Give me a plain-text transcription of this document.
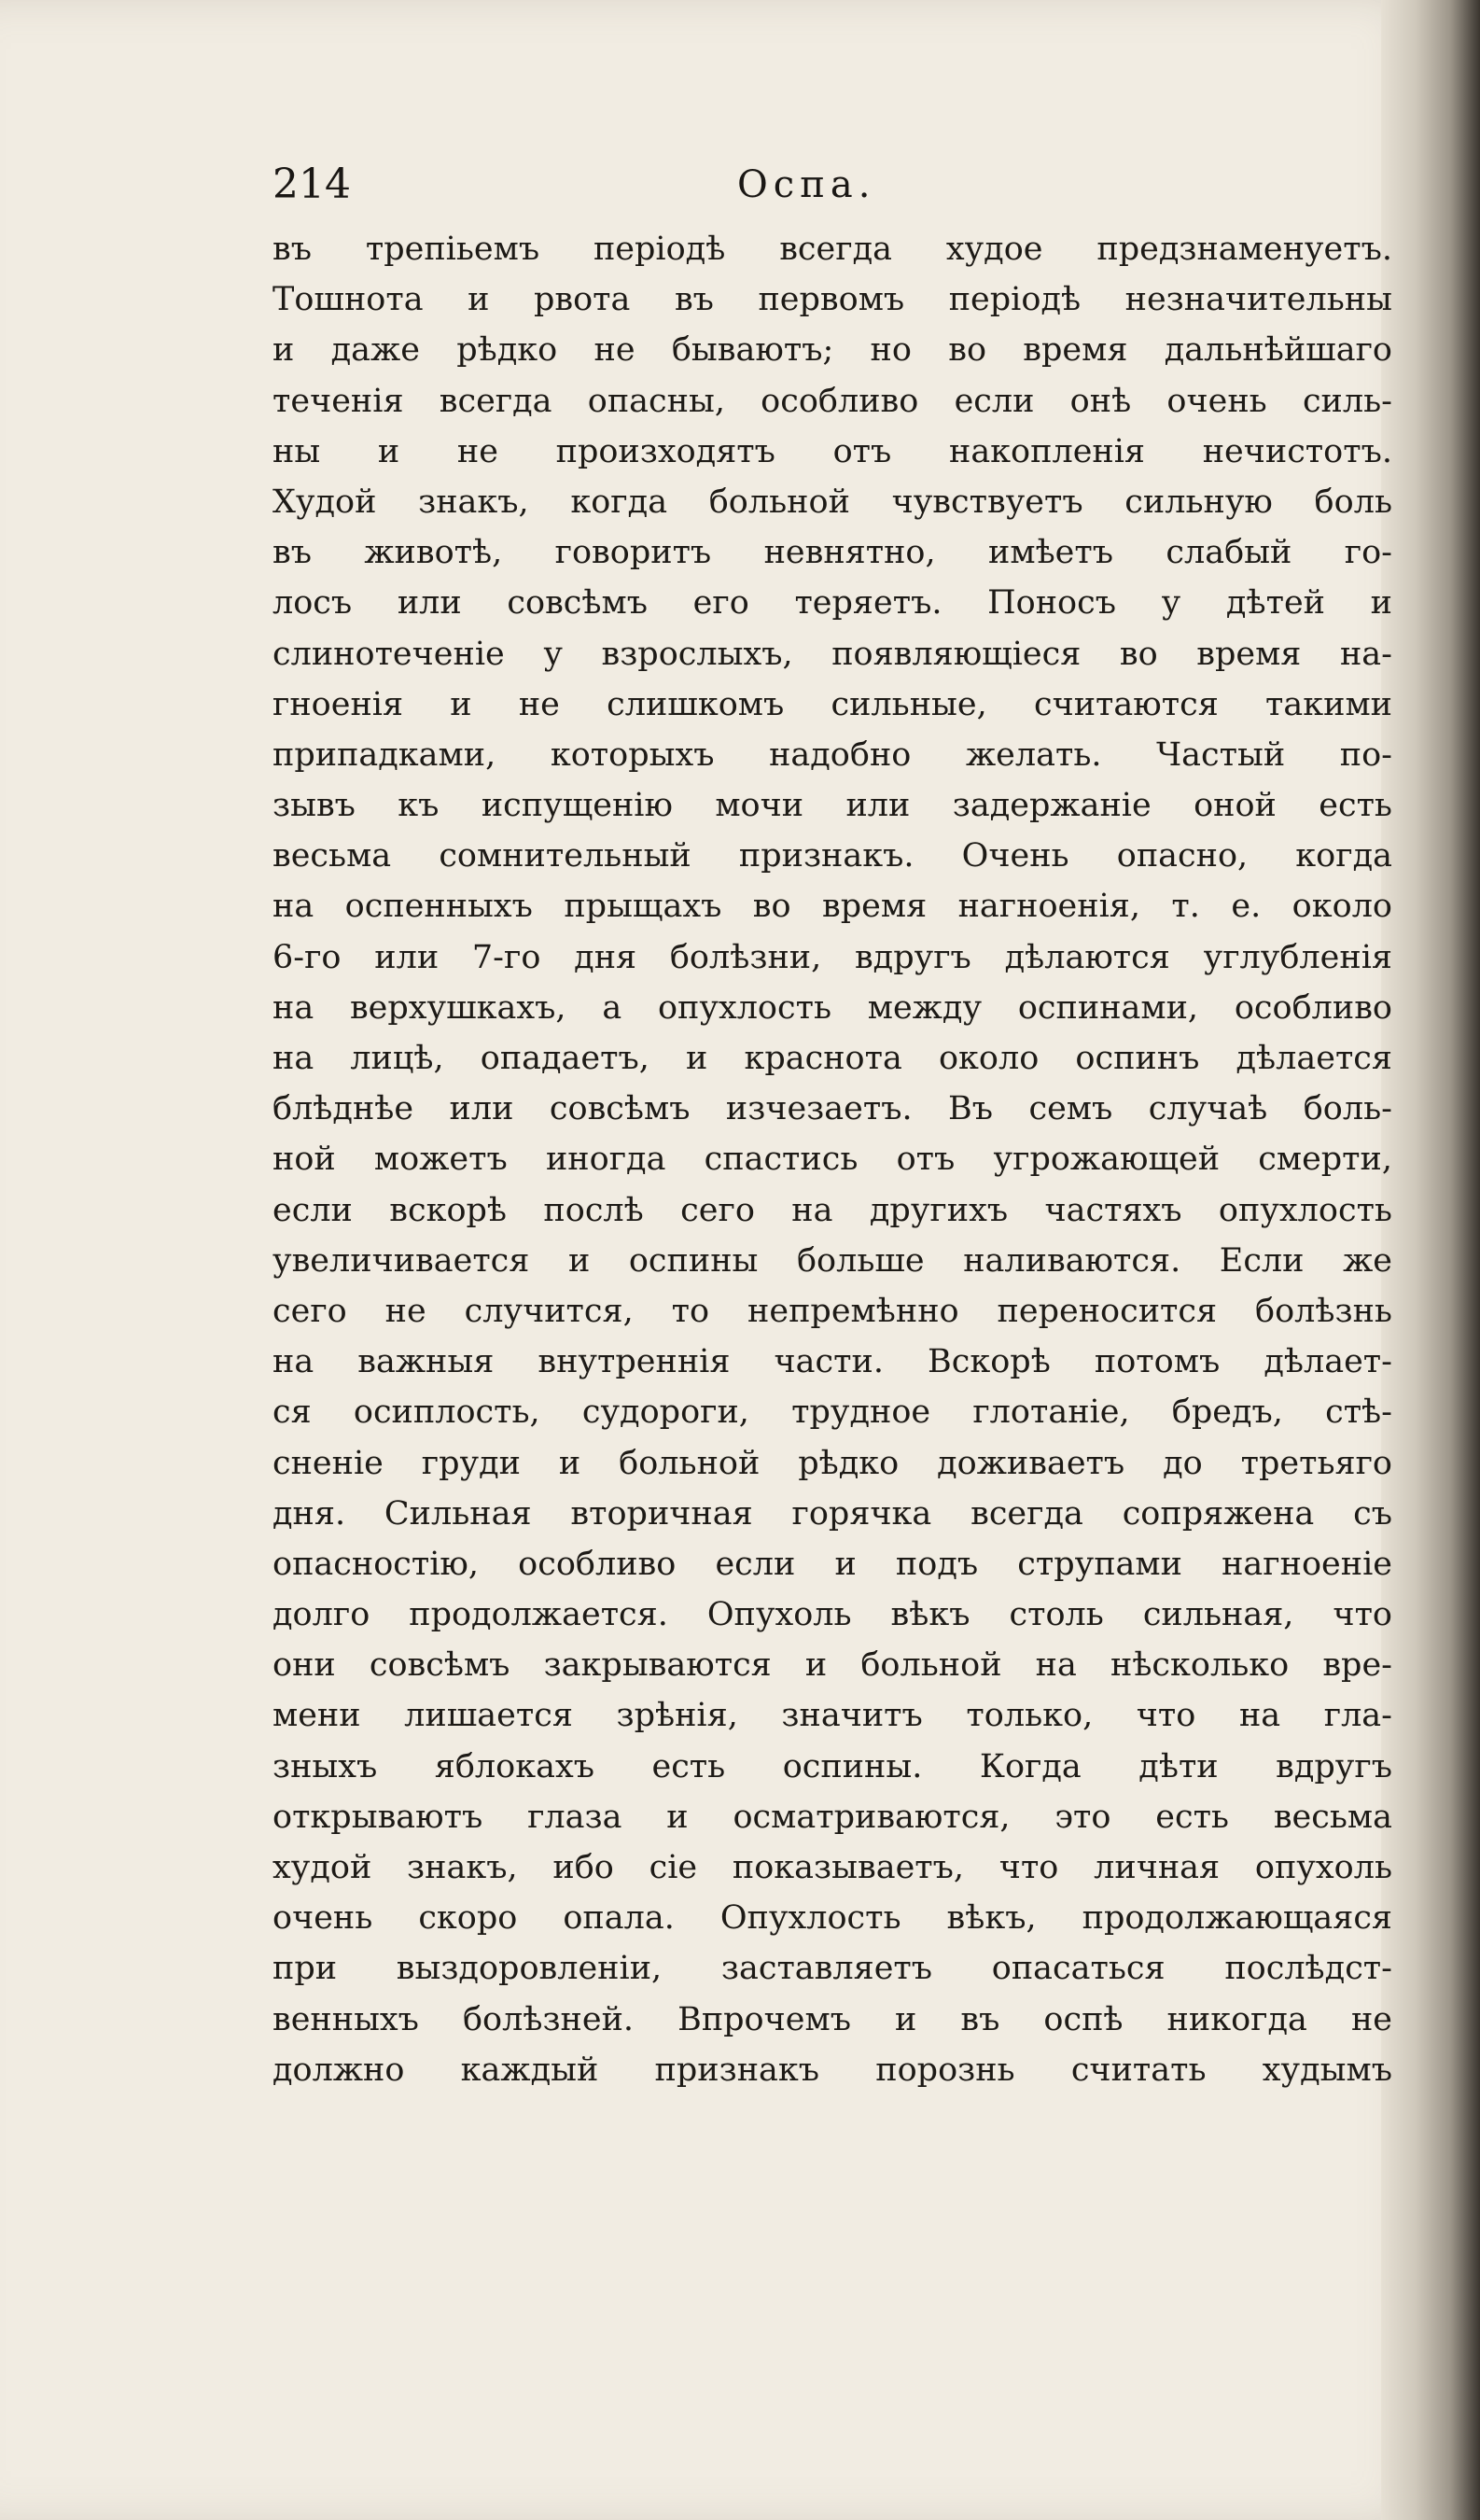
214	Оспа.
въ трепіьемъ періодѣ всегда худое предзнаменуетъ.
Тошнота и рвота въ первомъ періодѣ незначительны
и даже рѣдко не бываютъ; но во время дальнѣйшаго
теченія всегда опасны, особливо если онѣ очень силь-
ны и не произходятъ отъ накопленія нечистотъ.
Худой знакъ, когда больной чувствуетъ сильную боль
въ животѣ, говоритъ невнятно, имѣетъ слабый го-
лосъ или совсѣмъ его теряетъ. Поносъ у дѣтей и
слинотеченіе у взрослыхъ, появляющіеся во время на-
гноенія и не слишкомъ сильные, считаются такими
припадками, которыхъ надобно желать. Частый по-
зывъ къ испущенію мочи или задержаніе оной есть
весьма сомнительный признакъ. Очень опасно, когда
на оспенныхъ прыщахъ во время нагноенія, т. е. около
6-го или 7-го дня болѣзни, вдругъ дѣлаются углубленія
на верхушкахъ, а опухлость между оспинами, особливо
на лицѣ, опадаетъ, и краснота около оспинъ дѣлается
блѣднѣе или совсѣмъ изчезаетъ. Въ семъ случаѣ боль-
ной можетъ иногда спастись отъ угрожающей смерти,
если вскорѣ послѣ сего на другихъ частяхъ опухлость
увеличивается и оспины больше наливаются. Если же
сего не случится, то непремѣнно переносится болѣзнь
на важныя внутреннія части. Вскорѣ потомъ дѣлает-
ся осиплость, судороги, трудное глотаніе, бредъ, стѣ-
сненіе груди и больной рѣдко доживаетъ до третьяго
дня. Сильная вторичная горячка всегда сопряжена съ
опасностію, особливо если и подъ струпами нагноеніе
долго продолжается. Опухоль вѣкъ столь сильная, что
они совсѣмъ закрываются и больной на нѣсколько вре-
мени лишается зрѣнія, значитъ только, что на гла-
зныхъ яблокахъ есть оспины. Когда дѣти вдругъ
открываютъ глаза и осматриваются, это есть весьма
худой знакъ, ибо сіе показываетъ, что личная опухоль
очень скоро опала. Опухлость вѣкъ, продолжающаяся
при выздоровленіи, заставляетъ опасаться послѣдст-
венныхъ болѣзней. Впрочемъ и въ оспѣ никогда не
должно каждый признакъ порознь считать худымъ
